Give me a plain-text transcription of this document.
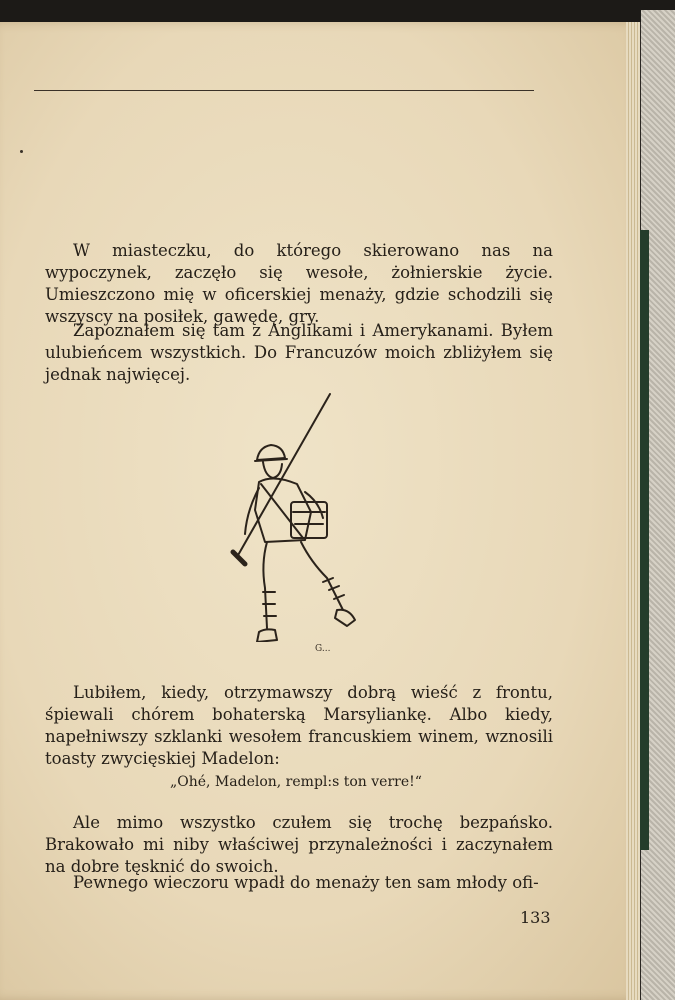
W miasteczku, do którego skierowano nas na wypoczynek, zaczęło się wesołe, żołnierskie życie. Umieszczono mię w oficerskiej menaży, gdzie schodzili się wszyscy na posiłek, gawędę, gry.

Zapoznałem się tam z Anglikami i Amerykanami. Byłem ulubieńcem wszystkich. Do Francuzów moich zbliżyłem się jednak najwięcej.

G...

Lubiłem, kiedy, otrzymawszy dobrą wieść z frontu, śpiewali chórem bohaterską Marsyliankę. Albo kiedy, napełniwszy szklanki wesołem francuskiem winem, wznosili toasty zwycięskiej Madelon:

„Ohé, Madelon, rempl:s ton verre!“

Ale mimo wszystko czułem się trochę bezpańsko. Brakowało mi niby właściwej przynależności i zaczynałem na dobre tęsknić do swoich.

Pewnego wieczoru wpadł do menaży ten sam młody ofi-

133
